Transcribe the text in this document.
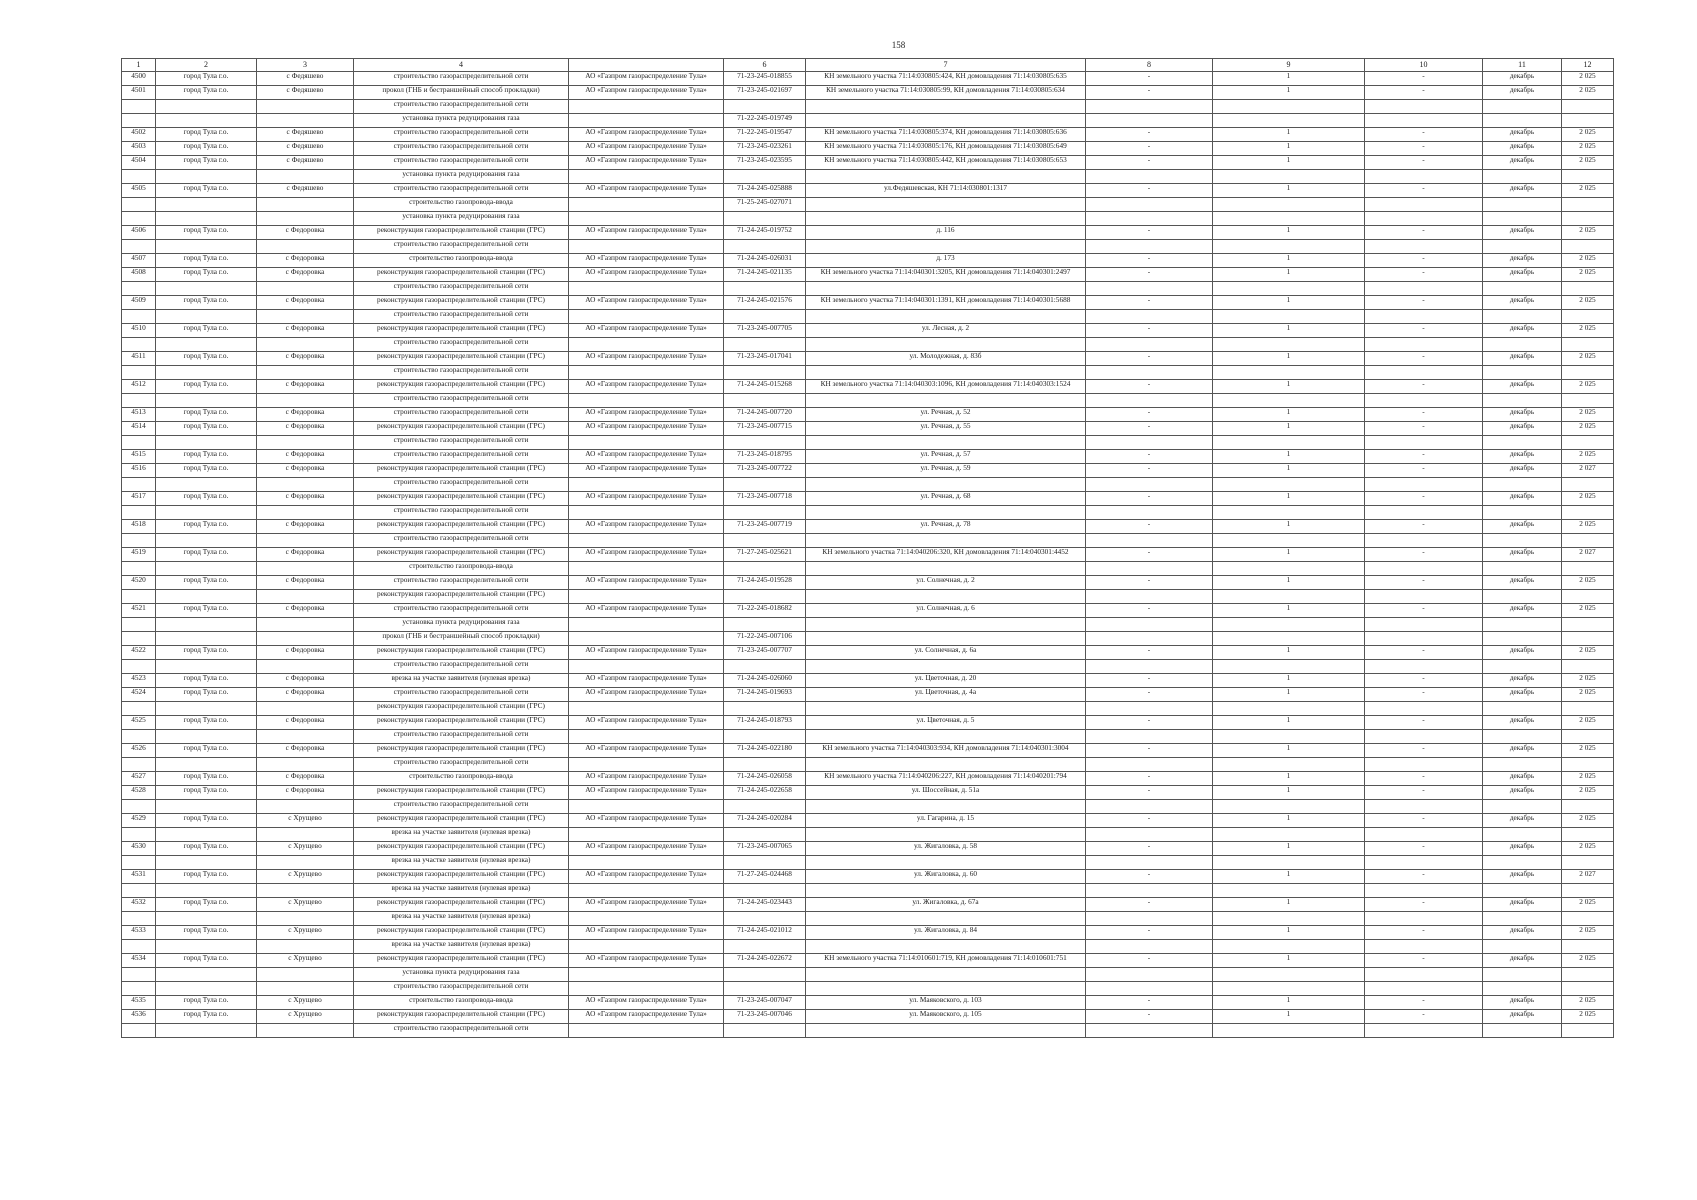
158
1	2	3	4		6	7	8	9	10	11	12
4500	город Тула г.о.	с Федяшево	строительство газораспределительной сети	АО «Газпром газораспределение Тула»	71-23-245-018855	КН земельного участка 71:14:030805:424, КН домовладения 71:14:030805:635	-	1	-	декабрь	2 025
4501	город Тула г.о.	с Федяшево	прокол (ГНБ и бестраншейный способ прокладки)	АО «Газпром газораспределение Тула»	71-23-245-021697	КН земельного участка 71:14:030805:99, КН домовладения 71:14:030805:634	-	1	-	декабрь	2 025
			строительство газораспределительной сети								
			установка пункта редуцирования газа		71-22-245-019749						
4502	город Тула г.о.	с Федяшево	строительство газораспределительной сети	АО «Газпром газораспределение Тула»	71-22-245-019547	КН земельного участка 71:14:030805:374, КН домовладения 71:14:030805:636	-	1	-	декабрь	2 025
4503	город Тула г.о.	с Федяшево	строительство газораспределительной сети	АО «Газпром газораспределение Тула»	71-23-245-023261	КН земельного участка 71:14:030805:176, КН домовладения 71:14:030805:649	-	1	-	декабрь	2 025
4504	город Тула г.о.	с Федяшево	строительство газораспределительной сети	АО «Газпром газораспределение Тула»	71-23-245-023595	КН земельного участка 71:14:030805:442, КН домовладения 71:14:030805:653	-	1	-	декабрь	2 025
			установка пункта редуцирования газа								
4505	город Тула г.о.	с Федяшево	строительство газораспределительной сети	АО «Газпром газораспределение Тула»	71-24-245-025888	ул.Федяшевская, КН 71:14:030801:1317	-	1	-	декабрь	2 025
			строительство газопровода-ввода		71-25-245-027071						
			установка пункта редуцирования газа								
4506	город Тула г.о.	с Федоровка	реконструкция газораспределительной станции (ГРС)	АО «Газпром газораспределение Тула»	71-24-245-019752	д. 116	-	1	-	декабрь	2 025
			строительство газораспределительной сети								
4507	город Тула г.о.	с Федоровка	строительство газопровода-ввода	АО «Газпром газораспределение Тула»	71-24-245-026031	д. 173	-	1	-	декабрь	2 025
4508	город Тула г.о.	с Федоровка	реконструкция газораспределительной станции (ГРС)	АО «Газпром газораспределение Тула»	71-24-245-021135	КН земельного участка 71:14:040301:3205, КН домовладения 71:14:040301:2497	-	1	-	декабрь	2 025
			строительство газораспределительной сети								
4509	город Тула г.о.	с Федоровка	реконструкция газораспределительной станции (ГРС)	АО «Газпром газораспределение Тула»	71-24-245-021576	КН земельного участка 71:14:040301:1391, КН домовладения 71:14:040301:5688	-	1	-	декабрь	2 025
			строительство газораспределительной сети								
4510	город Тула г.о.	с Федоровка	реконструкция газораспределительной станции (ГРС)	АО «Газпром газораспределение Тула»	71-23-245-007705	ул. Лесная, д. 2	-	1	-	декабрь	2 025
			строительство газораспределительной сети								
4511	город Тула г.о.	с Федоровка	реконструкция газораспределительной станции (ГРС)	АО «Газпром газораспределение Тула»	71-23-245-017041	ул. Молодежная, д. 83б	-	1	-	декабрь	2 025
			строительство газораспределительной сети								
4512	город Тула г.о.	с Федоровка	реконструкция газораспределительной станции (ГРС)	АО «Газпром газораспределение Тула»	71-24-245-015268	КН земельного участка 71:14:040303:1096, КН домовладения 71:14:040303:1524	-	1	-	декабрь	2 025
			строительство газораспределительной сети								
4513	город Тула г.о.	с Федоровка	строительство газораспределительной сети	АО «Газпром газораспределение Тула»	71-24-245-007720	ул. Речная, д. 52	-	1	-	декабрь	2 025
4514	город Тула г.о.	с Федоровка	реконструкция газораспределительной станции (ГРС)	АО «Газпром газораспределение Тула»	71-23-245-007715	ул. Речная, д. 55	-	1	-	декабрь	2 025
			строительство газораспределительной сети								
4515	город Тула г.о.	с Федоровка	строительство газораспределительной сети	АО «Газпром газораспределение Тула»	71-23-245-018795	ул. Речная, д. 57	-	1	-	декабрь	2 025
4516	город Тула г.о.	с Федоровка	реконструкция газораспределительной станции (ГРС)	АО «Газпром газораспределение Тула»	71-23-245-007722	ул. Речная, д. 59	-	1	-	декабрь	2 027
			строительство газораспределительной сети								
4517	город Тула г.о.	с Федоровка	реконструкция газораспределительной станции (ГРС)	АО «Газпром газораспределение Тула»	71-23-245-007718	ул. Речная, д. 68	-	1	-	декабрь	2 025
			строительство газораспределительной сети								
4518	город Тула г.о.	с Федоровка	реконструкция газораспределительной станции (ГРС)	АО «Газпром газораспределение Тула»	71-23-245-007719	ул. Речная, д. 78	-	1	-	декабрь	2 025
			строительство газораспределительной сети								
4519	город Тула г.о.	с Федоровка	реконструкция газораспределительной станции (ГРС)	АО «Газпром газораспределение Тула»	71-27-245-025621	КН земельного участка 71:14:040206:320, КН домовладения 71:14:040301:4452	-	1	-	декабрь	2 027
			строительство газопровода-ввода								
4520	город Тула г.о.	с Федоровка	строительство газораспределительной сети	АО «Газпром газораспределение Тула»	71-24-245-019528	ул. Солнечная, д. 2	-	1	-	декабрь	2 025
			реконструкция газораспределительной станции (ГРС)								
4521	город Тула г.о.	с Федоровка	строительство газораспределительной сети	АО «Газпром газораспределение Тула»	71-22-245-018682	ул. Солнечная, д. 6	-	1	-	декабрь	2 025
			установка пункта редуцирования газа								
			прокол (ГНБ и бестраншейный способ прокладки)		71-22-245-007106						
4522	город Тула г.о.	с Федоровка	реконструкция газораспределительной станции (ГРС)	АО «Газпром газораспределение Тула»	71-23-245-007707	ул. Солнечная, д. 6а	-	1	-	декабрь	2 025
			строительство газораспределительной сети								
4523	город Тула г.о.	с Федоровка	врезка на участке заявителя (нулевая врезка)	АО «Газпром газораспределение Тула»	71-24-245-026060	ул. Цветочная, д. 20	-	1	-	декабрь	2 025
4524	город Тула г.о.	с Федоровка	строительство газораспределительной сети	АО «Газпром газораспределение Тула»	71-24-245-019693	ул. Цветочная, д. 4а	-	1	-	декабрь	2 025
			реконструкция газораспределительной станции (ГРС)								
4525	город Тула г.о.	с Федоровка	реконструкция газораспределительной станции (ГРС)	АО «Газпром газораспределение Тула»	71-24-245-018793	ул. Цветочная, д. 5	-	1	-	декабрь	2 025
			строительство газораспределительной сети								
4526	город Тула г.о.	с Федоровка	реконструкция газораспределительной станции (ГРС)	АО «Газпром газораспределение Тула»	71-24-245-022180	КН земельного участка 71:14:040303:934, КН домовладения 71:14:040301:3004	-	1	-	декабрь	2 025
			строительство газораспределительной сети								
4527	город Тула г.о.	с Федоровка	строительство газопровода-ввода	АО «Газпром газораспределение Тула»	71-24-245-026058	КН земельного участка 71:14:040206:227, КН домовладения 71:14:040201:794	-	1	-	декабрь	2 025
4528	город Тула г.о.	с Федоровка	реконструкция газораспределительной станции (ГРС)	АО «Газпром газораспределение Тула»	71-24-245-022658	ул. Шоссейная, д. 51а	-	1	-	декабрь	2 025
			строительство газораспределительной сети								
4529	город Тула г.о.	с Хрущево	реконструкция газораспределительной станции (ГРС)	АО «Газпром газораспределение Тула»	71-24-245-020284	ул. Гагарина, д. 15	-	1	-	декабрь	2 025
			врезка на участке заявителя (нулевая врезка)								
4530	город Тула г.о.	с Хрущево	реконструкция газораспределительной станции (ГРС)	АО «Газпром газораспределение Тула»	71-23-245-007065	ул. Жигаловка, д. 58	-	1	-	декабрь	2 025
			врезка на участке заявителя (нулевая врезка)								
4531	город Тула г.о.	с Хрущево	реконструкция газораспределительной станции (ГРС)	АО «Газпром газораспределение Тула»	71-27-245-024468	ул. Жигаловка, д. 60	-	1	-	декабрь	2 027
			врезка на участке заявителя (нулевая врезка)								
4532	город Тула г.о.	с Хрущево	реконструкция газораспределительной станции (ГРС)	АО «Газпром газораспределение Тула»	71-24-245-023443	ул. Жигаловка, д. 67а	-	1	-	декабрь	2 025
			врезка на участке заявителя (нулевая врезка)								
4533	город Тула г.о.	с Хрущево	реконструкция газораспределительной станции (ГРС)	АО «Газпром газораспределение Тула»	71-24-245-021012	ул. Жигаловка, д. 84	-	1	-	декабрь	2 025
			врезка на участке заявителя (нулевая врезка)								
4534	город Тула г.о.	с Хрущево	реконструкция газораспределительной станции (ГРС)	АО «Газпром газораспределение Тула»	71-24-245-022672	КН земельного участка 71:14:010601:719, КН домовладения 71:14:010601:751	-	1	-	декабрь	2 025
			установка пункта редуцирования газа								
			строительство газораспределительной сети								
4535	город Тула г.о.	с Хрущево	строительство газопровода-ввода	АО «Газпром газораспределение Тула»	71-23-245-007047	ул. Маяковского, д. 103	-	1	-	декабрь	2 025
4536	город Тула г.о.	с Хрущево	реконструкция газораспределительной станции (ГРС)	АО «Газпром газораспределение Тула»	71-23-245-007046	ул. Маяковского, д. 105	-	1	-	декабрь	2 025
			строительство газораспределительной сети								
